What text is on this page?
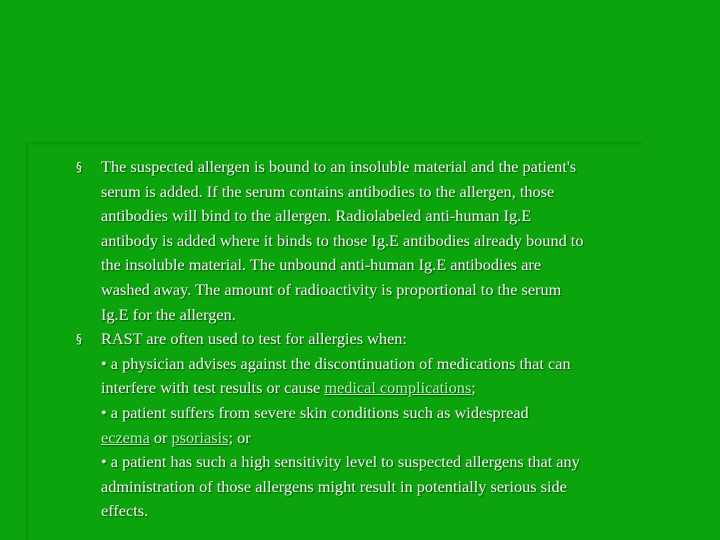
§ The suspected allergen is bound to an insoluble material and the patient's
serum is added. If the serum contains antibodies to the allergen, those
antibodies will bind to the allergen. Radiolabeled anti-human Ig.E
antibody is added where it binds to those Ig.E antibodies already bound to
the insoluble material. The unbound anti-human Ig.E antibodies are
washed away. The amount of radioactivity is proportional to the serum
Ig.E for the allergen.

§ RAST are often used to test for allergies when:
• a physician advises against the discontinuation of medications that can
interfere with test results or cause medical complications;
• a patient suffers from severe skin conditions such as widespread
eczema or psoriasis; or
• a patient has such a high sensitivity level to suspected allergens that any
administration of those allergens might result in potentially serious side
effects.
